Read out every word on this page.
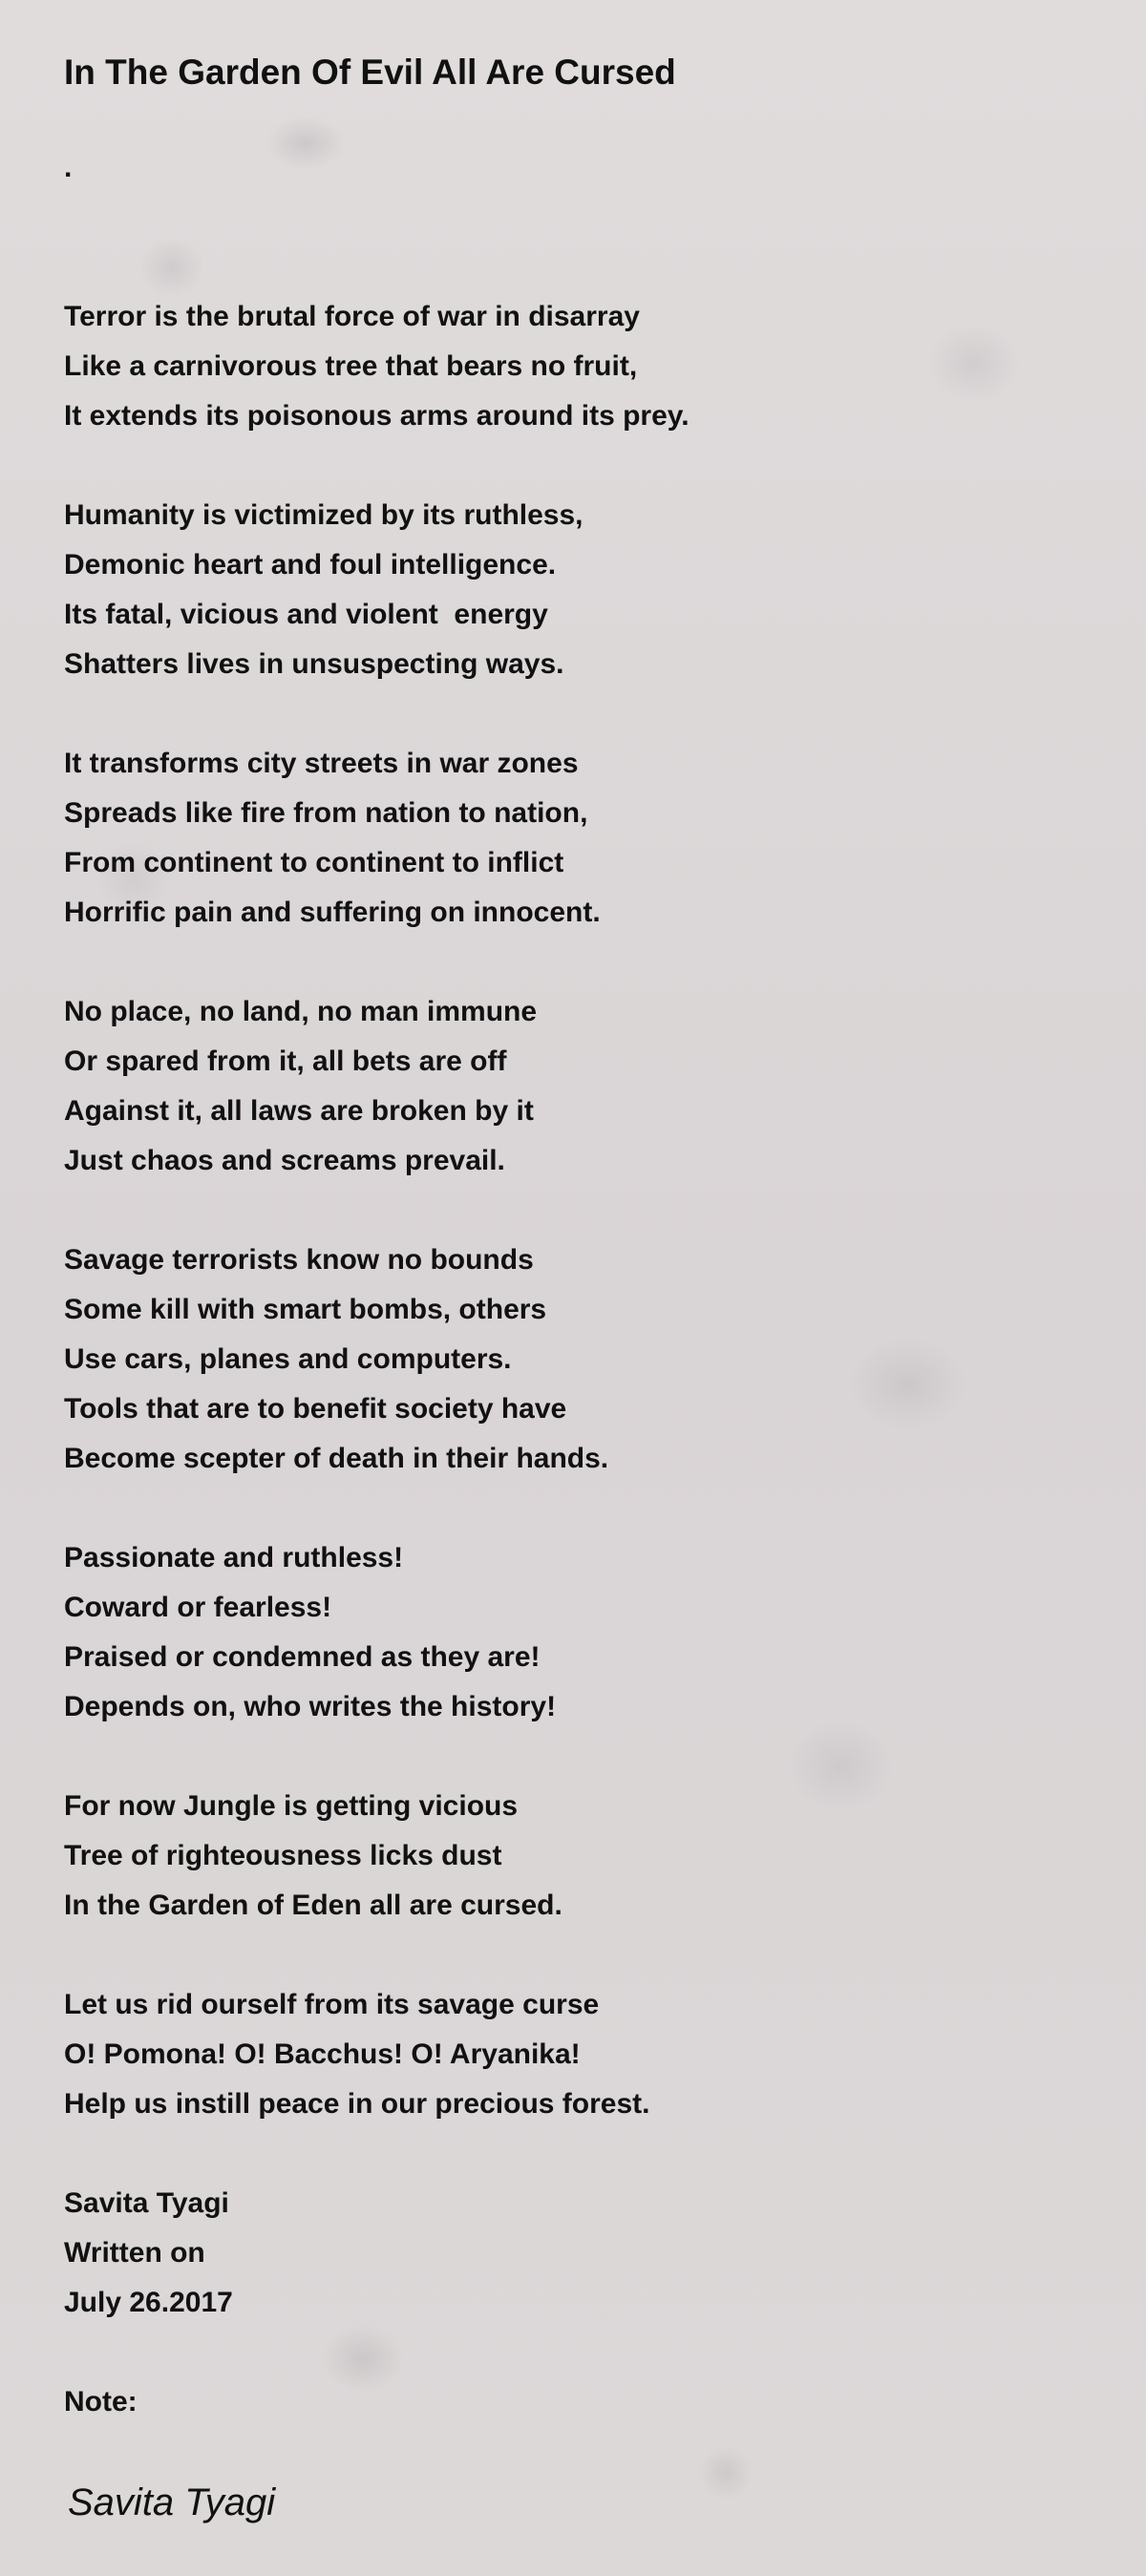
In The Garden Of Evil All Are Cursed
.
Terror is the brutal force of war in disarray
Like a carnivorous tree that bears no fruit,
It extends its poisonous arms around its prey.
Humanity is victimized by its ruthless,
Demonic heart and foul intelligence.
Its fatal, vicious and violent  energy
Shatters lives in unsuspecting ways.
It transforms city streets in war zones
Spreads like fire from nation to nation,
From continent to continent to inflict
Horrific pain and suffering on innocent.
No place, no land, no man immune
Or spared from it, all bets are off
Against it, all laws are broken by it
Just chaos and screams prevail.
Savage terrorists know no bounds
Some kill with smart bombs, others
Use cars, planes and computers.
Tools that are to benefit society have
Become scepter of death in their hands.
Passionate and ruthless!
Coward or fearless!
Praised or condemned as they are!
Depends on, who writes the history!
For now Jungle is getting vicious
Tree of righteousness licks dust
In the Garden of Eden all are cursed.
Let us rid ourself from its savage curse
O! Pomona! O! Bacchus! O! Aryanika!
Help us instill peace in our precious forest.
Savita Tyagi
Written on
July 26.2017
Note:
Savita Tyagi
